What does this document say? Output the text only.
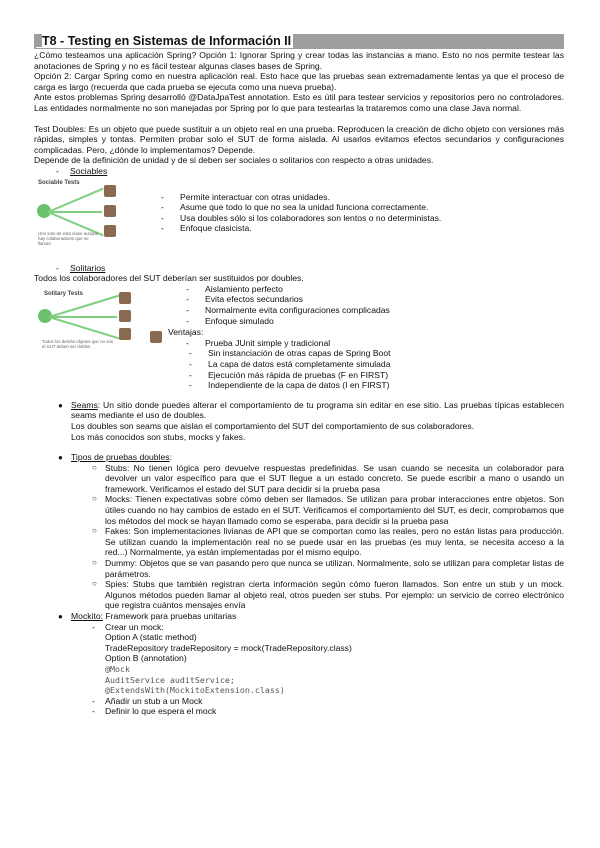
T8 - Testing en Sistemas de Información II

¿Cómo testeamos una aplicación Spring? Opción 1: Ignorar Spring y crear todas las instancias a mano. Esto no nos permite testear las anotaciones de Spring y no es fácil testear algunas clases bases de Spring.

Opción 2: Cargar Spring como en nuestra aplicación real. Esto hace que las pruebas sean extremadamente lentas ya que el proceso de carga es largo (recuerda que cada prueba se ejecuta como una nueva prueba).

Ante estos problemas Spring desarrolló @DataJpaTest annotation. Esto es útil para testear servicios y repositorios pero no controladores. Las entidades normalmente no son manejadas por Spring por lo que para testearlas la trataremos como una clase Java normal.

Test Doubles: Es un objeto que puede sustituir a un objeto real en una prueba. Reproducen la creación de dicho objeto con versiones más rápidas, simples y tontas. Permiten probar solo el SUT de forma aislada. Al usarlos evitamos efectos secundarios y configuraciones complicadas. Pero, ¿dónde lo implementamos? Depende.

Depende de la definición de unidad y de si deben ser sociales o solitarios con respecto a otras unidades.

- Sociables
Sociable Tests
Uno solo de esta clase aunque hay colaboradores que se llaman
- Permite interactuar con otras unidades.
- Asume que todo lo que no sea la unidad funciona correctamente.
- Usa doubles sólo si los colaboradores son lentos o no deterministas.
- Enfoque clasicista.
- Solitarios

Todos los colaboradores del SUT deberían ser sustituidos por doubles.

Solitary Tests
Todos los demás objetos que no son el SUT deben ser dobles
- Aislamiento perfecto
- Evita efectos secundarios
- Normalmente evita configuraciones complicadas
- Enfoque simulado
Ventajas:
- Prueba JUnit simple y tradicional
- Sin instanciación de otras capas de Spring Boot
- La capa de datos está completamente simulada
- Ejecución más rápida de pruebas (F en FIRST)
- Independiente de la capa de datos (I en FIRST)
● Seams: Un sitio donde puedes alterar el comportamiento de tu programa sin editar en ese sitio. Las pruebas típicas establecen seams mediante el uso de doubles.

Los doubles son seams que aislan el comportamiento del SUT del comportamiento de sus colaboradores.

Los más conocidos son stubs, mocks y fakes.

● Tipos de pruebas doubles:

○ Stubs: No tienen lógica pero devuelve respuestas predefinidas. Se usan cuando se necesita un colaborador para devolver un valor específico para que el SUT llegue a un estado concreto. Se puede escribir a mano o usando un framework. Verificamos el estado del SUT para decidir si la prueba pasa
○ Mocks: Tienen expectativas sobre cómo deben ser llamados. Se utilizan para probar interacciones entre objetos. Son útiles cuando no hay cambios de estado en el SUT. Verificamos el comportamiento del SUT, es decir, comprobamos que los métodos del mock se hayan llamado como se esperaba, para decidir si la prueba pasa
○ Fakes: Son implementaciones livianas de API que se comportan como las reales, pero no están listas para producción. Se utilizan cuando la implementación real no se puede usar en las pruebas (es muy lenta, se necesita acceso a la red...) Normalmente, ya están implementadas por el mismo equipo.
○ Dummy: Objetos que se van pasando pero que nunca se utilizan. Normalmente, solo se utilizan para completar listas de parámetros.
○ Spies: Stubs que también registran cierta información según cómo fueron llamados. Son entre un stub y un mock. Algunos métodos pueden llamar al objeto real, otros pueden ser stubs. Por ejemplo: un servicio de correo electrónico que registra cuántos mensajes envía
● Mockito: Framework para pruebas unitarias

- Crear un mock:
Option A (static method)
TradeRepository tradeRepository = mock(TradeRepository.class)
Option B (annotation)
@Mock
AuditService auditService;
@ExtendsWith(MockitoExtension.class)
- Añadir un stub a un Mock
- Definir lo que espera el mock
